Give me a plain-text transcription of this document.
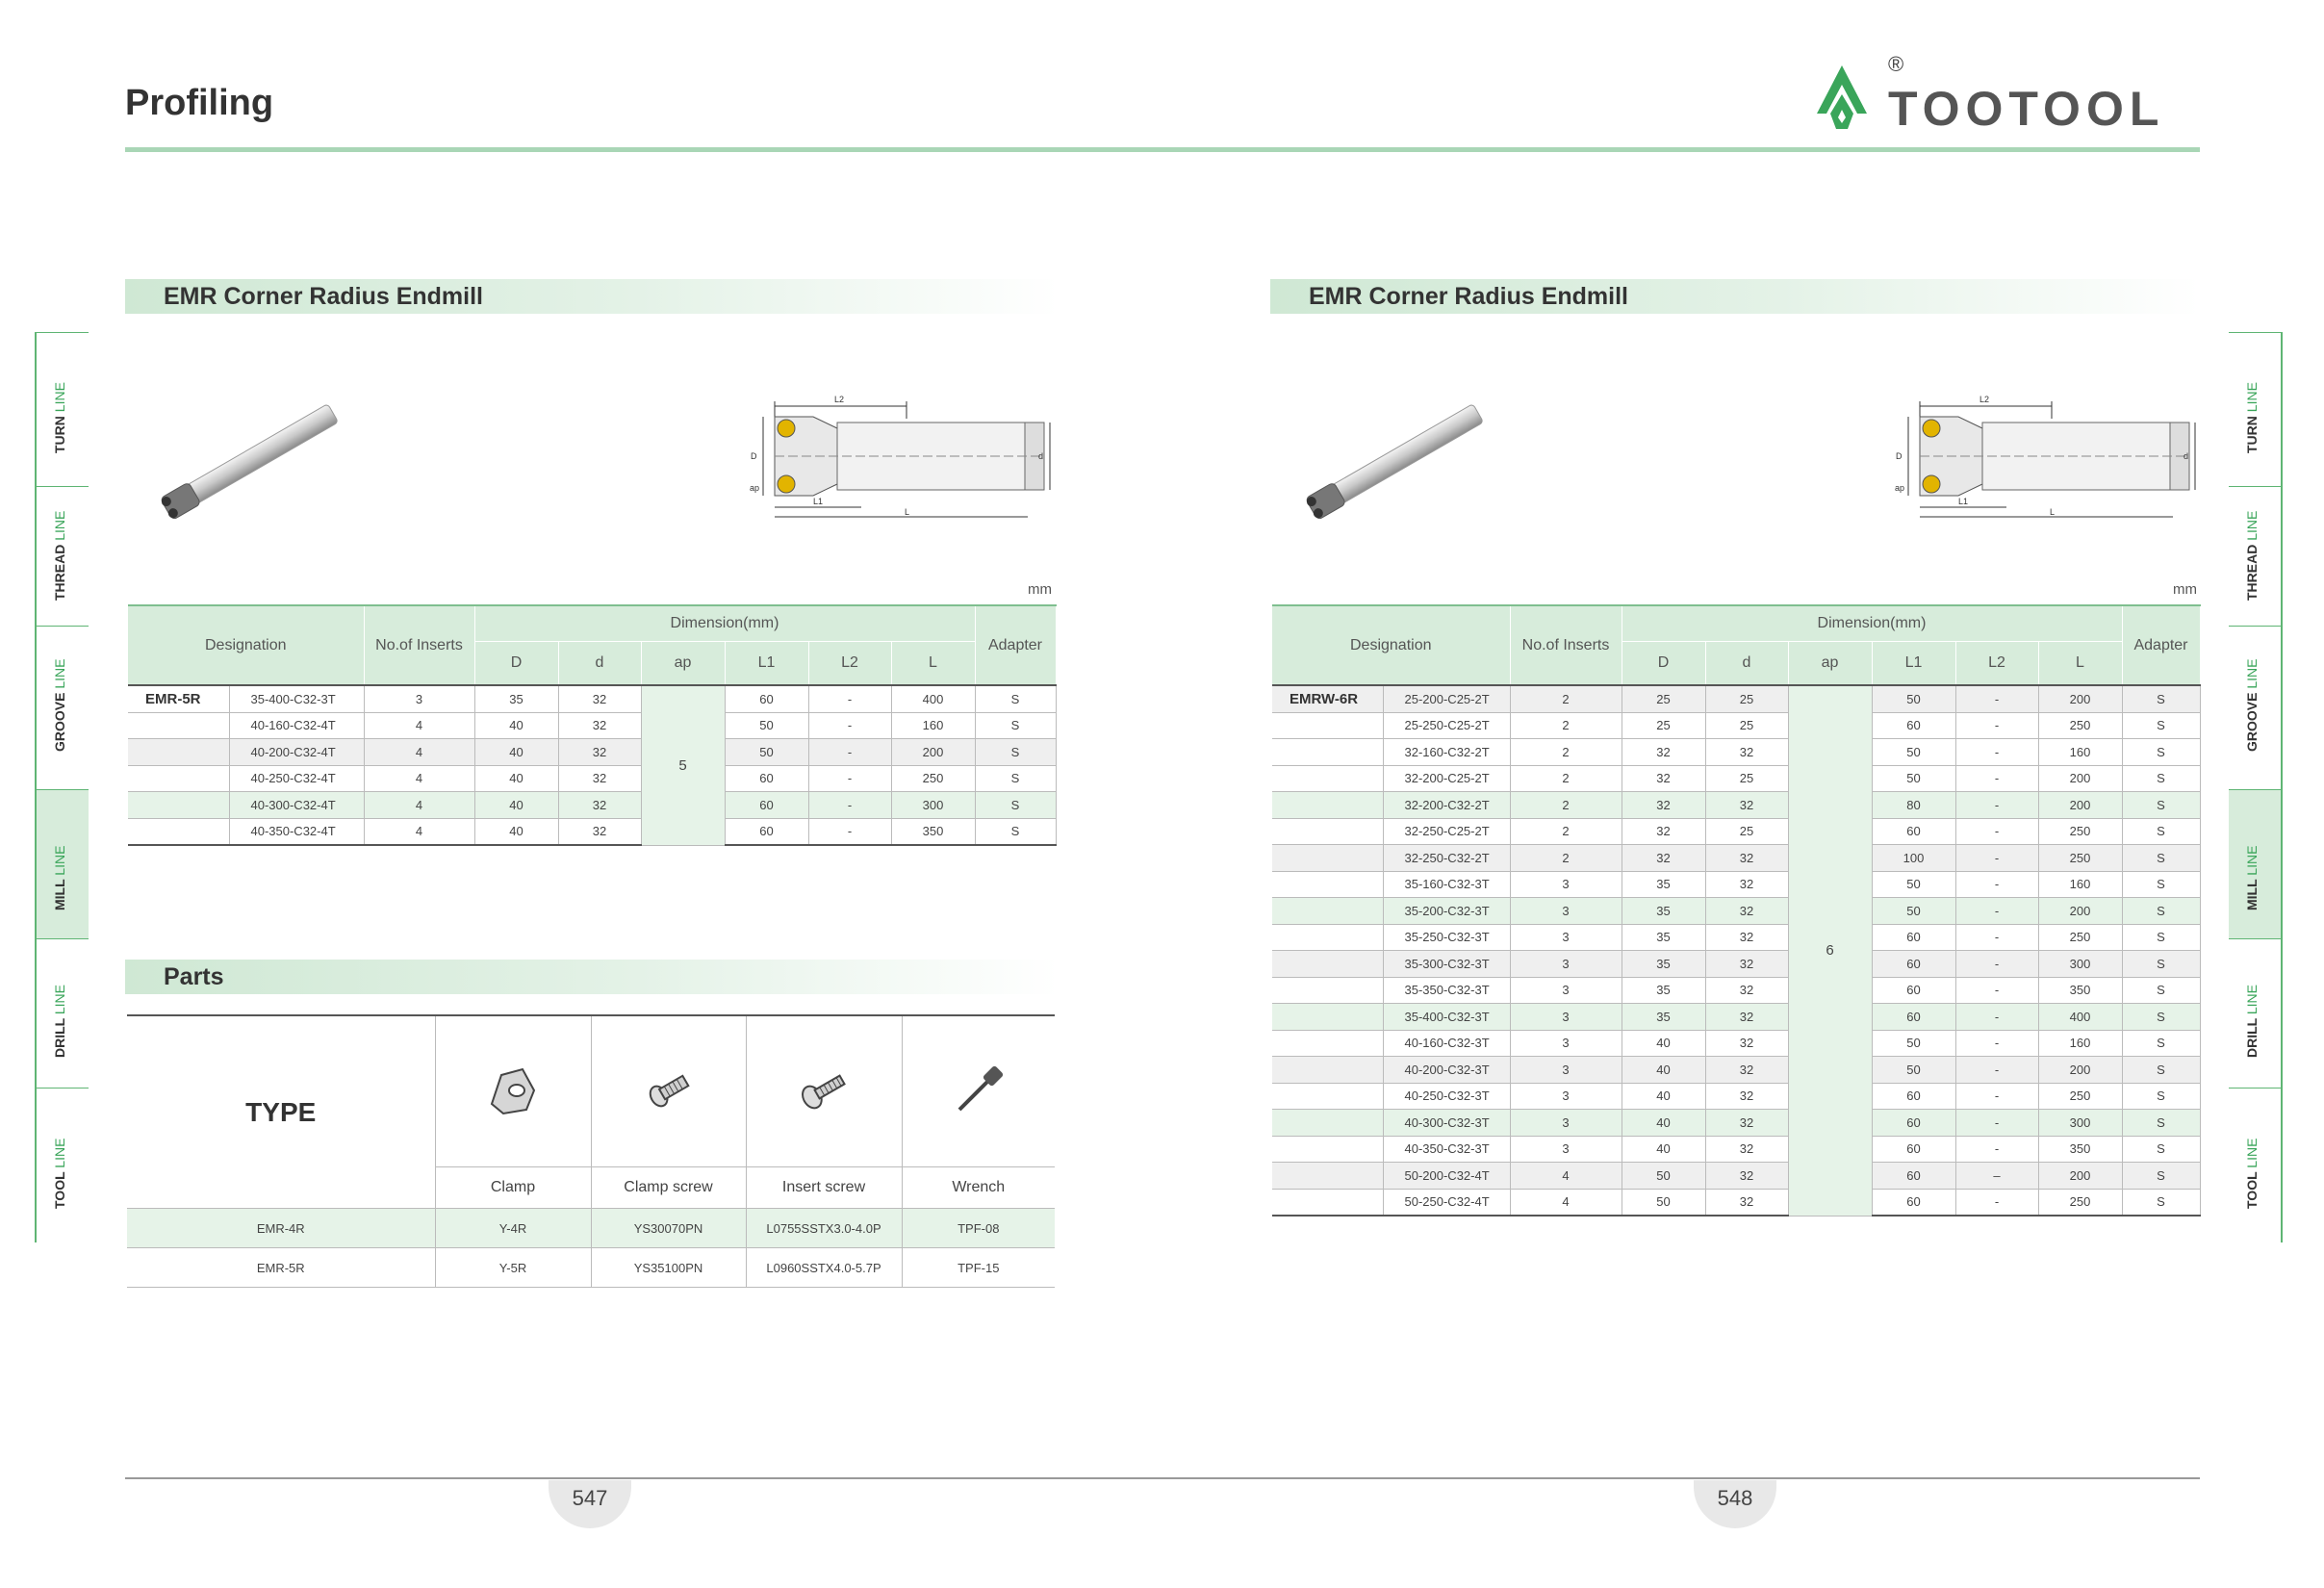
Profiling	TOOTOOL
®
TURN LINE
THREAD LINE
GROOVE LINE
MILL LINE
DRILL LINE
TOOL LINE
TURN LINE
THREAD LINE
GROOVE LINE
MILL LINE
DRILL LINE
TOOL LINE
EMR Corner Radius Endmill
L2
D	d
ap
L1
L
mm
Designation		No.of Inserts	Dimension(mm)						Adapter
			D	d	ap	L1	L2	L	
EMR-5R	35-400-C32-3T	3	35	32	5	60	-	400	S
	40-160-C32-4T	4	40	32		50	-	160	S
	40-200-C32-4T	4	40	32		50	-	200	S
	40-250-C32-4T	4	40	32		60	-	250	S
	40-300-C32-4T	4	40	32		60	-	300	S
	40-350-C32-4T	4	40	32		60	-	350	S
Parts
TYPE				
	Clamp	Clamp screw	Insert screw	Wrench
EMR-4R	Y-4R	YS30070PN	L0755SSTX3.0-4.0P	TPF-08
EMR-5R	Y-5R	YS35100PN	L0960SSTX4.0-5.7P	TPF-15
EMR Corner Radius Endmill
L2
D	d
ap
L1
L
mm
Designation		No.of Inserts	Dimension(mm)						Adapter
			D	d	ap	L1	L2	L	
EMRW-6R	25-200-C25-2T	2	25	25	6	50	-	200	S
	25-250-C25-2T	2	25	25		60	-	250	S
	32-160-C32-2T	2	32	32		50	-	160	S
	32-200-C25-2T	2	32	25		50	-	200	S
	32-200-C32-2T	2	32	32		80	-	200	S
	32-250-C25-2T	2	32	25		60	-	250	S
	32-250-C32-2T	2	32	32		100	-	250	S
	35-160-C32-3T	3	35	32		50	-	160	S
	35-200-C32-3T	3	35	32		50	-	200	S
	35-250-C32-3T	3	35	32		60	-	250	S
	35-300-C32-3T	3	35	32		60	-	300	S
	35-350-C32-3T	3	35	32		60	-	350	S
	35-400-C32-3T	3	35	32		60	-	400	S
	40-160-C32-3T	3	40	32		50	-	160	S
	40-200-C32-3T	3	40	32		50	-	200	S
	40-250-C32-3T	3	40	32		60	-	250	S
	40-300-C32-3T	3	40	32		60	-	300	S
	40-350-C32-3T	3	40	32		60	-	350	S
	50-200-C32-4T	4	50	32		60	–	200	S
	50-250-C32-4T	4	50	32		60	-	250	S
547	548
